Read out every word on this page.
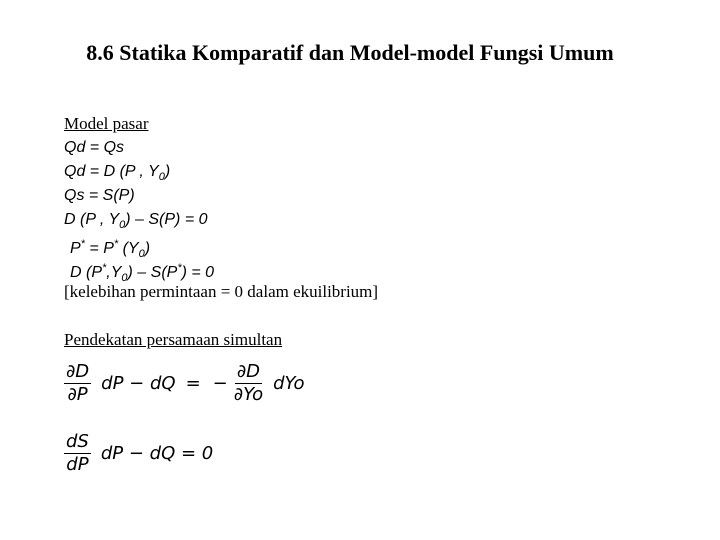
8.6 Statika Komparatif dan Model-model Fungsi Umum
Model pasar
Qd = Qs
Qd = D (P , $Y_0$)
Qs = S(P)
D (P , $Y_0) - S(P) = 0$
P* = P* $(Y_0)$
D $(P^*,Y_0) - S(P^*) = 0$
[kelebihan permintaan = 0 dalam ekuilibrium]
Pendekatan persamaan simultan
$\frac{\partial D}{\partial P}$ dP − dQ = − $\frac{\partial D}{\partial Yo}$ dYo
$\frac{dS}{dP}$ dP − dQ = 0
